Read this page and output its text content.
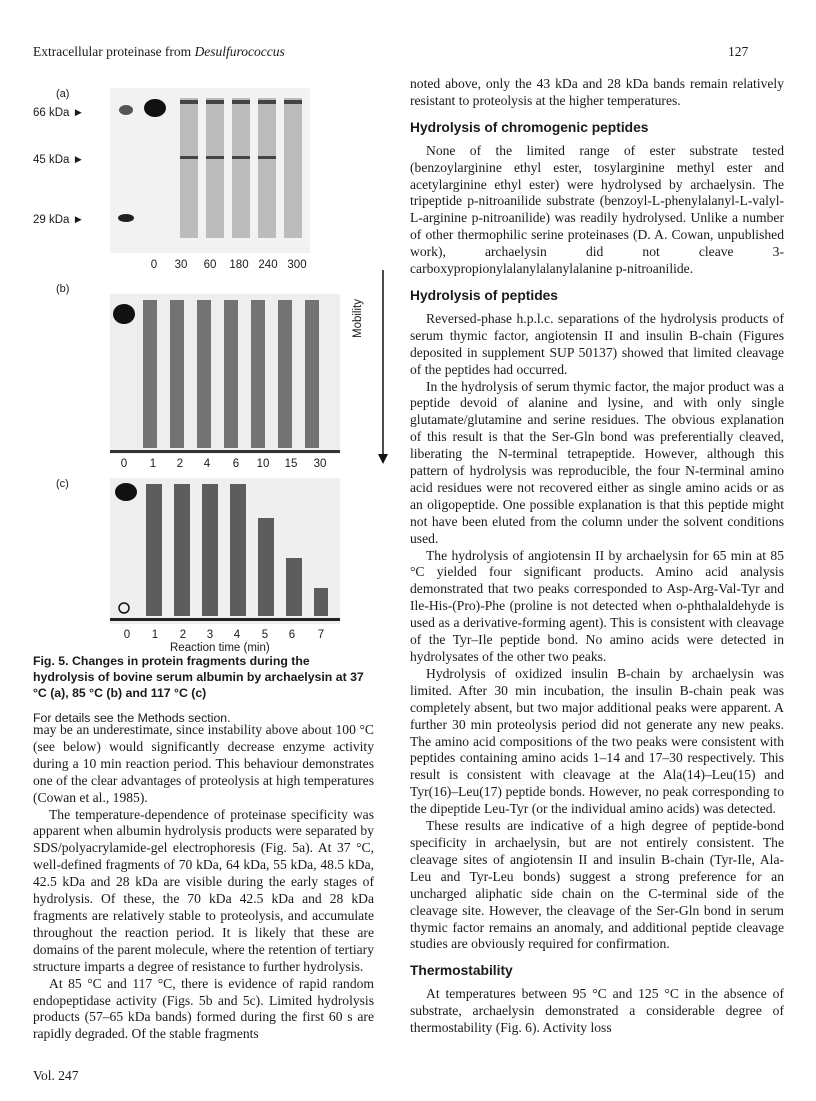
Extracellular proteinase from Desulfurococcus	127
(a)
66 kDa ►
45 kDa ►
29 kDa ►
0 30 60 180 240 300
(b)
Mobility
0 1 2 4 6 10 15 30
(c)
0 1 2 3 4 5 6 7
Reaction time (min)
Fig. 5. Changes in protein fragments during the hydrolysis of bovine serum albumin by archaelysin at 37 °C (a), 85 °C (b) and 117 °C (c)
For details see the Methods section.

may be an underestimate, since instability above about 100 °C (see below) would significantly decrease enzyme activity during a 10 min reaction period. This behaviour demonstrates one of the clear advantages of proteolysis at high temperatures (Cowan et al., 1985).

The temperature-dependence of proteinase specificity was apparent when albumin hydrolysis products were separated by SDS/polyacrylamide-gel electrophoresis (Fig. 5a). At 37 °C, well-defined fragments of 70 kDa, 64 kDa, 55 kDa, 48.5 kDa, 42.5 kDa and 28 kDa are visible during the early stages of hydrolysis. Of these, the 70 kDa 42.5 kDa and 28 kDa fragments are relatively stable to proteolysis, and accumulate throughout the reaction period. It is likely that these are domains of the parent molecule, where the retention of tertiary structure imparts a degree of resistance to further hydrolysis.

At 85 °C and 117 °C, there is evidence of rapid random endopeptidase activity (Figs. 5b and 5c). Limited hydrolysis products (57–65 kDa bands) formed during the first 60 s are rapidly degraded. Of the stable fragments

noted above, only the 43 kDa and 28 kDa bands remain relatively resistant to proteolysis at the higher temperatures.

Hydrolysis of chromogenic peptides

None of the limited range of ester substrate tested (benzoylarginine ethyl ester, tosylarginine methyl ester and acetylarginine ethyl ester) were hydrolysed by archaelysin. The tripeptide p-nitroanilide substrate (benzoyl-L-phenylalanyl-L-valyl-L-arginine p-nitroanilide) was readily hydrolysed. Unlike a number of other thermophilic serine proteinases (D. A. Cowan, unpublished work), archaelysin did not cleave 3-carboxypropionylalanylalanylalanine p-nitroanilide.

Hydrolysis of peptides

Reversed-phase h.p.l.c. separations of the hydrolysis products of serum thymic factor, angiotensin II and insulin B-chain (Figures deposited in supplement SUP 50137) showed that limited cleavage of the peptides had occurred.

In the hydrolysis of serum thymic factor, the major product was a peptide devoid of alanine and lysine, and with only single glutamate/glutamine and serine residues. The obvious explanation of this result is that the Ser-Gln bond was preferentially cleaved, liberating the N-terminal tetrapeptide. However, although this pattern of hydrolysis was reproducible, the four N-terminal amino acid residues were not recovered either as single amino acids or as an oligopeptide. One possible explanation is that this peptide might not have been eluted from the column under the solvent conditions used.

The hydrolysis of angiotensin II by archaelysin for 65 min at 85 °C yielded four significant products. Amino acid analysis demonstrated that two peaks corresponded to Asp-Arg-Val-Tyr and Ile-His-(Pro)-Phe (proline is not detected when o-phthalaldehyde is used as a derivative-forming agent). This is consistent with cleavage of the Tyr–Ile peptide bond. No amino acids were detected in hydrolysates of the other two peaks.

Hydrolysis of oxidized insulin B-chain by archaelysin was limited. After 30 min incubation, the insulin B-chain peak was completely absent, but two major additional peaks were apparent. A further 30 min proteolysis period did not generate any new peaks. The amino acid compositions of the two peaks were consistent with peptides containing amino acids 1–14 and 17–30 respectively. This result is consistent with cleavage at the Ala(14)–Leu(15) and Tyr(16)–Leu(17) peptide bonds. However, no peak corresponding to the dipeptide Leu-Tyr (or the individual amino acids) was detected.

These results are indicative of a high degree of peptide-bond specificity in archaelysin, but are not entirely consistent. The cleavage sites of angiotensin II and insulin B-chain (Tyr-Ile, Ala-Leu and Tyr-Leu bonds) suggest a strong preference for an uncharged aliphatic side chain on the C-terminal side of the cleavage site. However, the cleavage of the Ser-Gln bond in serum thymic factor remains an anomaly, and additional peptide cleavage studies are obviously required for confirmation.

Thermostability

At temperatures between 95 °C and 125 °C in the absence of substrate, archaelysin demonstrated a considerable degree of thermostability (Fig. 6). Activity loss

Vol. 247
